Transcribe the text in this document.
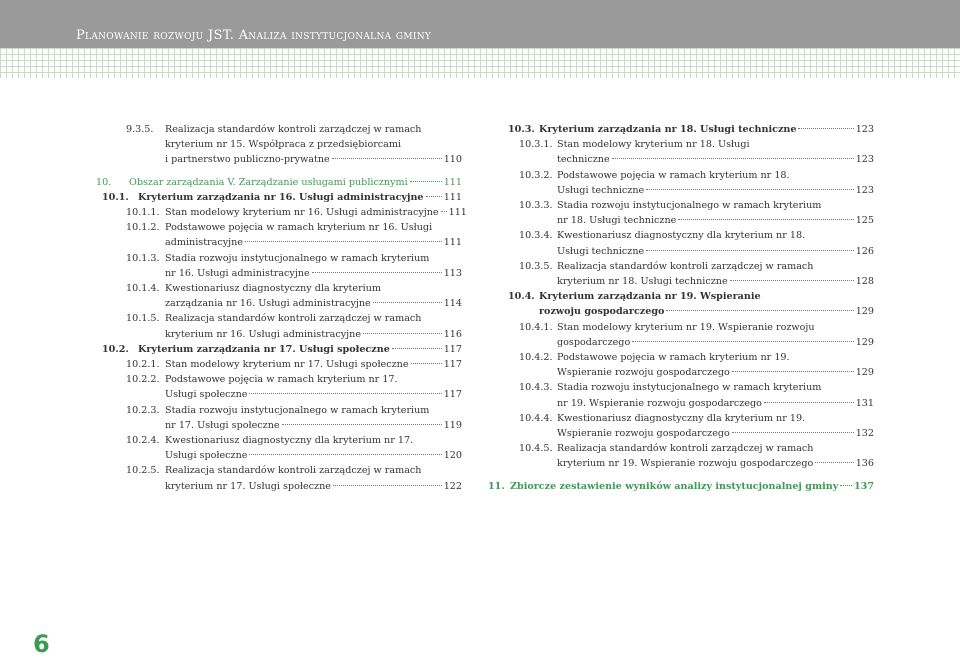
Planowanie rozwoju JST. Analiza instytucjonalna gminy
9.3.5.	Realizacja standardów kontroli zarządczej w ramach
kryterium nr 15. Współpraca z przedsiębiorcami
i partnerstwo publiczno-prywatne	110
10.	Obszar zarządzania V. Zarządzanie usługami publicznymi	111
10.1. Kryterium zarządzania nr 16. Usługi administracyjne 111
10.1.1. Stan modelowy kryterium nr 16. Usługi administracyjne 111
10.1.2. Podstawowe pojęcia w ramach kryterium nr 16. Usługi
administracyjne	111
10.1.3. Stadia rozwoju instytucjonalnego w ramach kryterium
nr 16. Usługi administracyjne	113
10.1.4. Kwestionariusz diagnostyczny dla kryterium
zarządzania nr 16. Usługi administracyjne	114
10.1.5. Realizacja standardów kontroli zarządczej w ramach
kryterium nr 16. Usługi administracyjne	116
10.2. Kryterium zarządzania nr 17. Usługi społeczne	117
10.2.1. Stan modelowy kryterium nr 17. Usługi społeczne	117
10.2.2. Podstawowe pojęcia w ramach kryterium nr 17.
Usługi społeczne	117
10.2.3. Stadia rozwoju instytucjonalnego w ramach kryterium
nr 17. Usługi społeczne	119
10.2.4. Kwestionariusz diagnostyczny dla kryterium nr 17.
Usługi społeczne	120
10.2.5. Realizacja standardów kontroli zarządczej w ramach
kryterium nr 17. Usługi społeczne	122
10.3. Kryterium zarządzania nr 18. Usługi techniczne	123
10.3.1. Stan modelowy kryterium nr 18. Usługi
techniczne	123
10.3.2. Podstawowe pojęcia w ramach kryterium nr 18.
Usługi techniczne	123
10.3.3. Stadia rozwoju instytucjonalnego w ramach kryterium
nr 18. Usługi techniczne	125
10.3.4. Kwestionariusz diagnostyczny dla kryterium nr 18.
Usługi techniczne	126
10.3.5. Realizacja standardów kontroli zarządczej w ramach
kryterium nr 18. Usługi techniczne	128
10.4. Kryterium zarządzania nr 19. Wspieranie
rozwoju gospodarczego	129
10.4.1. Stan modelowy kryterium nr 19. Wspieranie rozwoju
gospodarczego	129
10.4.2. Podstawowe pojęcia w ramach kryterium nr 19.
Wspieranie rozwoju gospodarczego	129
10.4.3. Stadia rozwoju instytucjonalnego w ramach kryterium
nr 19. Wspieranie rozwoju gospodarczego	131
10.4.4. Kwestionariusz diagnostyczny dla kryterium nr 19.
Wspieranie rozwoju gospodarczego	132
10.4.5. Realizacja standardów kontroli zarządczej w ramach
kryterium nr 19. Wspieranie rozwoju gospodarczego	136
11. Zbiorcze zestawienie wyników analizy instytucjonalnej gminy 137
6
